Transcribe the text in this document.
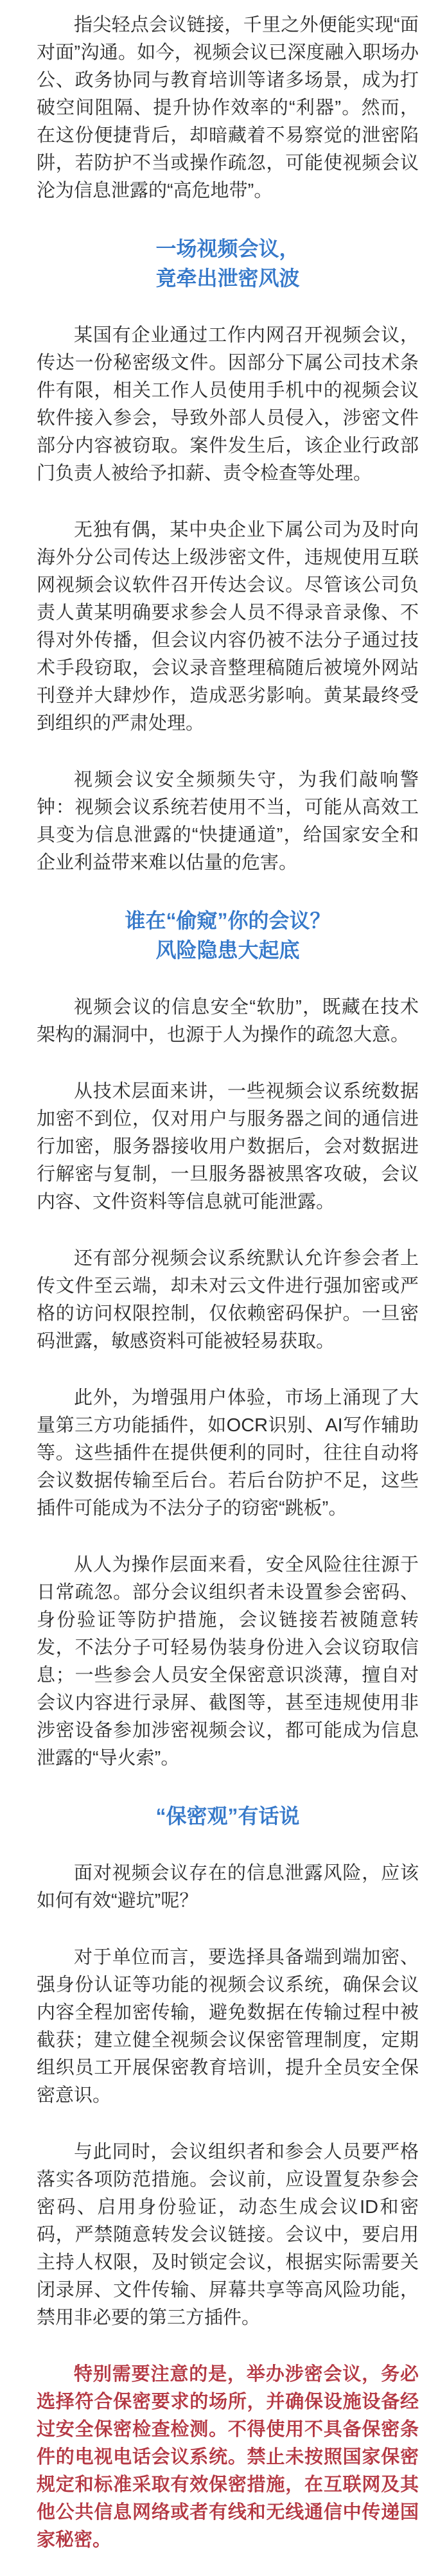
指尖轻点会议链接，千里之外便能实现“面对面”沟通。如今，视频会议已深度融入职场办公、政务协同与教育培训等诸多场景，成为打破空间阻隔、提升协作效率的“利器”。然而，在这份便捷背后，却暗藏着不易察觉的泄密陷阱，若防护不当或操作疏忽，可能使视频会议沦为信息泄露的“高危地带”。

一场视频会议，
竟牵出泄密风波

某国有企业通过工作内网召开视频会议，传达一份秘密级文件。因部分下属公司技术条件有限，相关工作人员使用手机中的视频会议软件接入参会，导致外部人员侵入，涉密文件部分内容被窃取。案件发生后，该企业行政部门负责人被给予扣薪、责令检查等处理。

无独有偶，某中央企业下属公司为及时向海外分公司传达上级涉密文件，违规使用互联网视频会议软件召开传达会议。尽管该公司负责人黄某明确要求参会人员不得录音录像、不得对外传播，但会议内容仍被不法分子通过技术手段窃取，会议录音整理稿随后被境外网站刊登并大肆炒作，造成恶劣影响。黄某最终受到组织的严肃处理。

视频会议安全频频失守，为我们敲响警钟：视频会议系统若使用不当，可能从高效工具变为信息泄露的“快捷通道”，给国家安全和企业利益带来难以估量的危害。

谁在“偷窥”你的会议？
风险隐患大起底

视频会议的信息安全“软肋”，既藏在技术架构的漏洞中，也源于人为操作的疏忽大意。

从技术层面来讲，一些视频会议系统数据加密不到位，仅对用户与服务器之间的通信进行加密，服务器接收用户数据后，会对数据进行解密与复制，一旦服务器被黑客攻破，会议内容、文件资料等信息就可能泄露。

还有部分视频会议系统默认允许参会者上传文件至云端，却未对云文件进行强加密或严格的访问权限控制，仅依赖密码保护。一旦密码泄露，敏感资料可能被轻易获取。

此外，为增强用户体验，市场上涌现了大量第三方功能插件，如OCR识别、AI写作辅助等。这些插件在提供便利的同时，往往自动将会议数据传输至后台。若后台防护不足，这些插件可能成为不法分子的窃密“跳板”。

从人为操作层面来看，安全风险往往源于日常疏忽。部分会议组织者未设置参会密码、身份验证等防护措施，会议链接若被随意转发，不法分子可轻易伪装身份进入会议窃取信息；一些参会人员安全保密意识淡薄，擅自对会议内容进行录屏、截图等，甚至违规使用非涉密设备参加涉密视频会议，都可能成为信息泄露的“导火索”。

“保密观”有话说

面对视频会议存在的信息泄露风险，应该如何有效“避坑”呢？

对于单位而言，要选择具备端到端加密、强身份认证等功能的视频会议系统，确保会议内容全程加密传输，避免数据在传输过程中被截获；建立健全视频会议保密管理制度，定期组织员工开展保密教育培训，提升全员安全保密意识。

与此同时，会议组织者和参会人员要严格落实各项防范措施。会议前，应设置复杂参会密码、启用身份验证，动态生成会议ID和密码，严禁随意转发会议链接。会议中，要启用主持人权限，及时锁定会议，根据实际需要关闭录屏、文件传输、屏幕共享等高风险功能，禁用非必要的第三方插件。

特别需要注意的是，举办涉密会议，务必选择符合保密要求的场所，并确保设施设备经过安全保密检查检测。不得使用不具备保密条件的电视电话会议系统。禁止未按照国家保密规定和标准采取有效保密措施，在互联网及其他公共信息网络或者有线和无线通信中传递国家秘密。
